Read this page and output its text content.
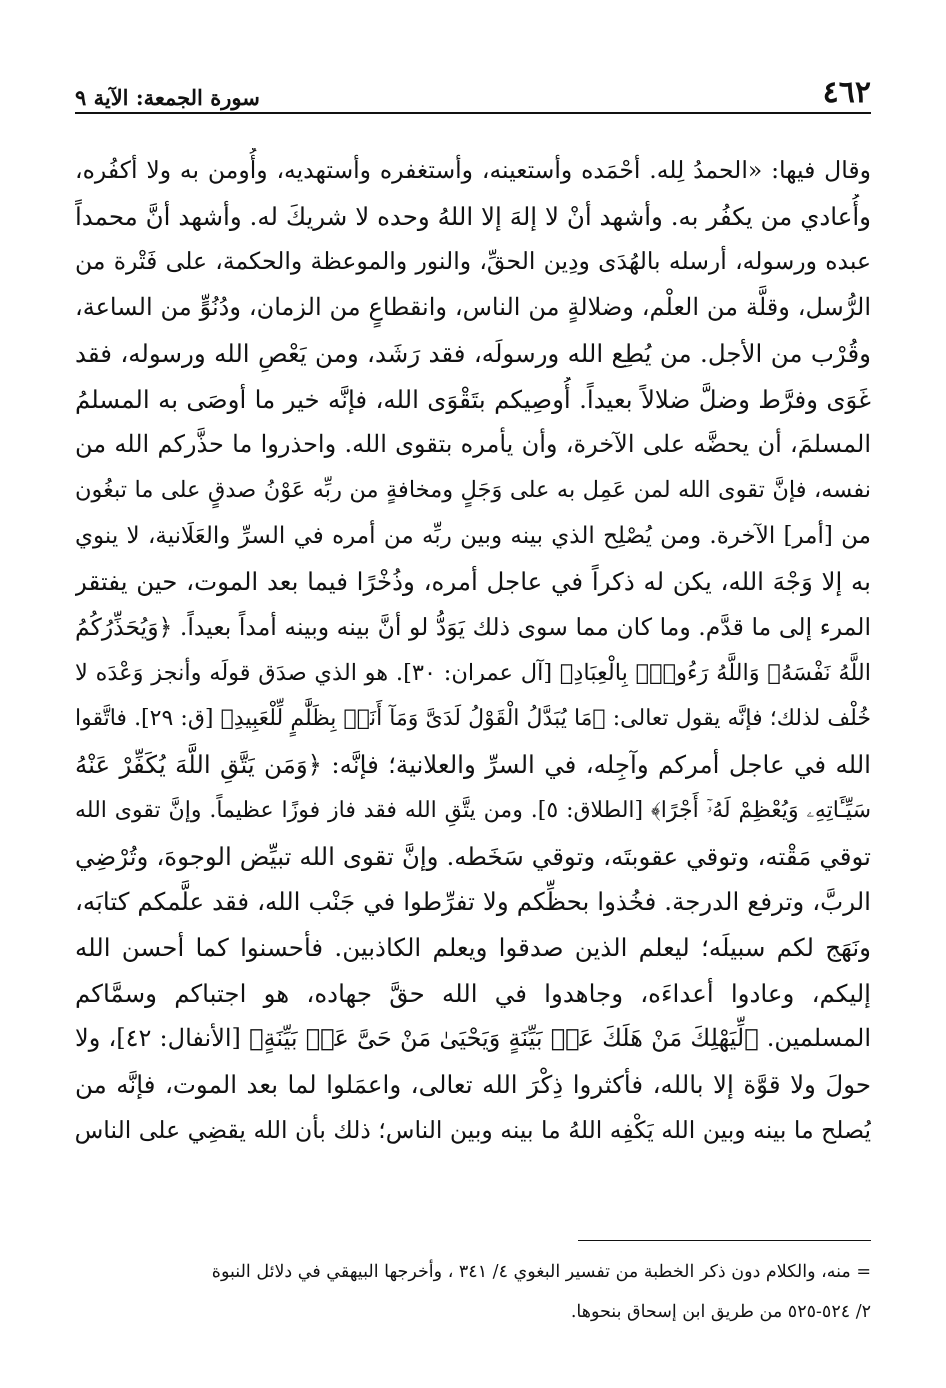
٤٦٢
سورة الجمعة: الآية ٩
وقال فيها: «الحمدُ لِله. أحْمَده وأستعينه، وأستغفره وأستهديه، وأُومن به ولا أكفُره،
وأُعادي من يكفُر به. وأشهد أنْ لا إلهَ إلا اللهُ وحده لا شريكَ له. وأشهد أنَّ محمداً
عبده ورسوله، أرسله بالهُدَى ودِين الحقِّ، والنور والموعظة والحكمة، على فَتْرة من
الرُّسل، وقلَّة من العلْم، وضلالةٍ من الناس، وانقطاعٍ من الزمان، ودُنُوٍّ من الساعة،
وقُرْب من الأجل. من يُطِع الله ورسولَه، فقد رَشَد، ومن يَعْصِ الله ورسوله، فقد
غَوَى وفرَّط وضلَّ ضلالاً بعيداً. أُوصِيكم بتَقْوَى الله، فإنَّه خير ما أوصَى به المسلمُ
المسلمَ، أن يحضَّه على الآخرة، وأن يأمره بتقوى الله. واحذروا ما حذَّركم الله من
نفسه، فإنَّ تقوى الله لمن عَمِل به على وَجَلٍ ومخافةٍ من ربِّه عَوْنُ صدقٍ على ما تبغُون
من [أمر] الآخرة. ومن يُصْلِح الذي بينه وبين ربِّه من أمره في السرِّ والعَلَانية، لا ينوي
به إلا وَجْهَ الله، يكن له ذكراً في عاجل أمره، وذُخْرًا فيما بعد الموت، حين يفتقر
المرء إلى ما قدَّم. وما كان مما سوى ذلك يَوَدُّ لو أنَّ بينه وبينه أمداً بعيداً. ﴿وَيُحَذِّرُكُمُ
اللَّهُ نَفْسَهُۥ وَاللَّهُ رَءُوفٌۢ بِالْعِبَادِ﴾ [آل عمران: ٣٠]. هو الذي صدَق قولَه وأنجز وَعْدَه لا
خُلْف لذلك؛ فإنَّه يقول تعالى: ﴿مَا يُبَدَّلُ الْقَوْلُ لَدَىَّ وَمَآ أَنَا۠ بِظَلَّٰمٍ لِّلْعَبِيدِ﴾ [ق: ٢٩]. فاتَّقوا
الله في عاجل أمركم وآجِله، في السرِّ والعلانية؛ فإنَّه: ﴿وَمَن يَتَّقِ اللَّهَ يُكَفِّرْ عَنْهُ
سَيِّـَٔاتِهِۦ وَيُعْظِمْ لَهُۥٓ أَجْرًا﴾ [الطلاق: ٥]. ومن يتَّقِ الله فقد فاز فوزًا عظيماً. وإنَّ تقوى الله
توقي مَقْته، وتوقي عقوبتَه، وتوقي سَخَطه. وإنَّ تقوى الله تبيِّض الوجوهَ، وتُرْضِي
الربَّ، وترفع الدرجة. فخُذوا بحظِّكم ولا تفرِّطوا في جَنْب الله، فقد علَّمكم كتابَه،
ونَهَج لكم سبيلَه؛ ليعلم الذين صدقوا ويعلم الكاذبين. فأحسنوا كما أحسن الله
إليكم، وعادوا أعداءَه، وجاهدوا في الله حقَّ جهاده، هو اجتباكم وسمَّاكم
المسلمين. ﴿لِّيَهْلِكَ مَنْ هَلَكَ عَنۢ بَيِّنَةٍ وَيَحْيَىٰ مَنْ حَىَّ عَنۢ بَيِّنَةٍ﴾ [الأنفال: ٤٢]، ولا
حولَ ولا قوَّة إلا بالله، فأكثروا ذِكْرَ الله تعالى، واعمَلوا لما بعد الموت، فإنَّه من
يُصلح ما بينه وبين الله يَكْفِه اللهُ ما بينه وبين الناس؛ ذلك بأن الله يقضِي على الناس
= منه، والكلام دون ذكر الخطبة من تفسير البغوي ٤/ ٣٤١ ، وأخرجها البيهقي في دلائل النبوة
٢/ ٥٢٤-٥٢٥ من طريق ابن إسحاق بنحوها.
